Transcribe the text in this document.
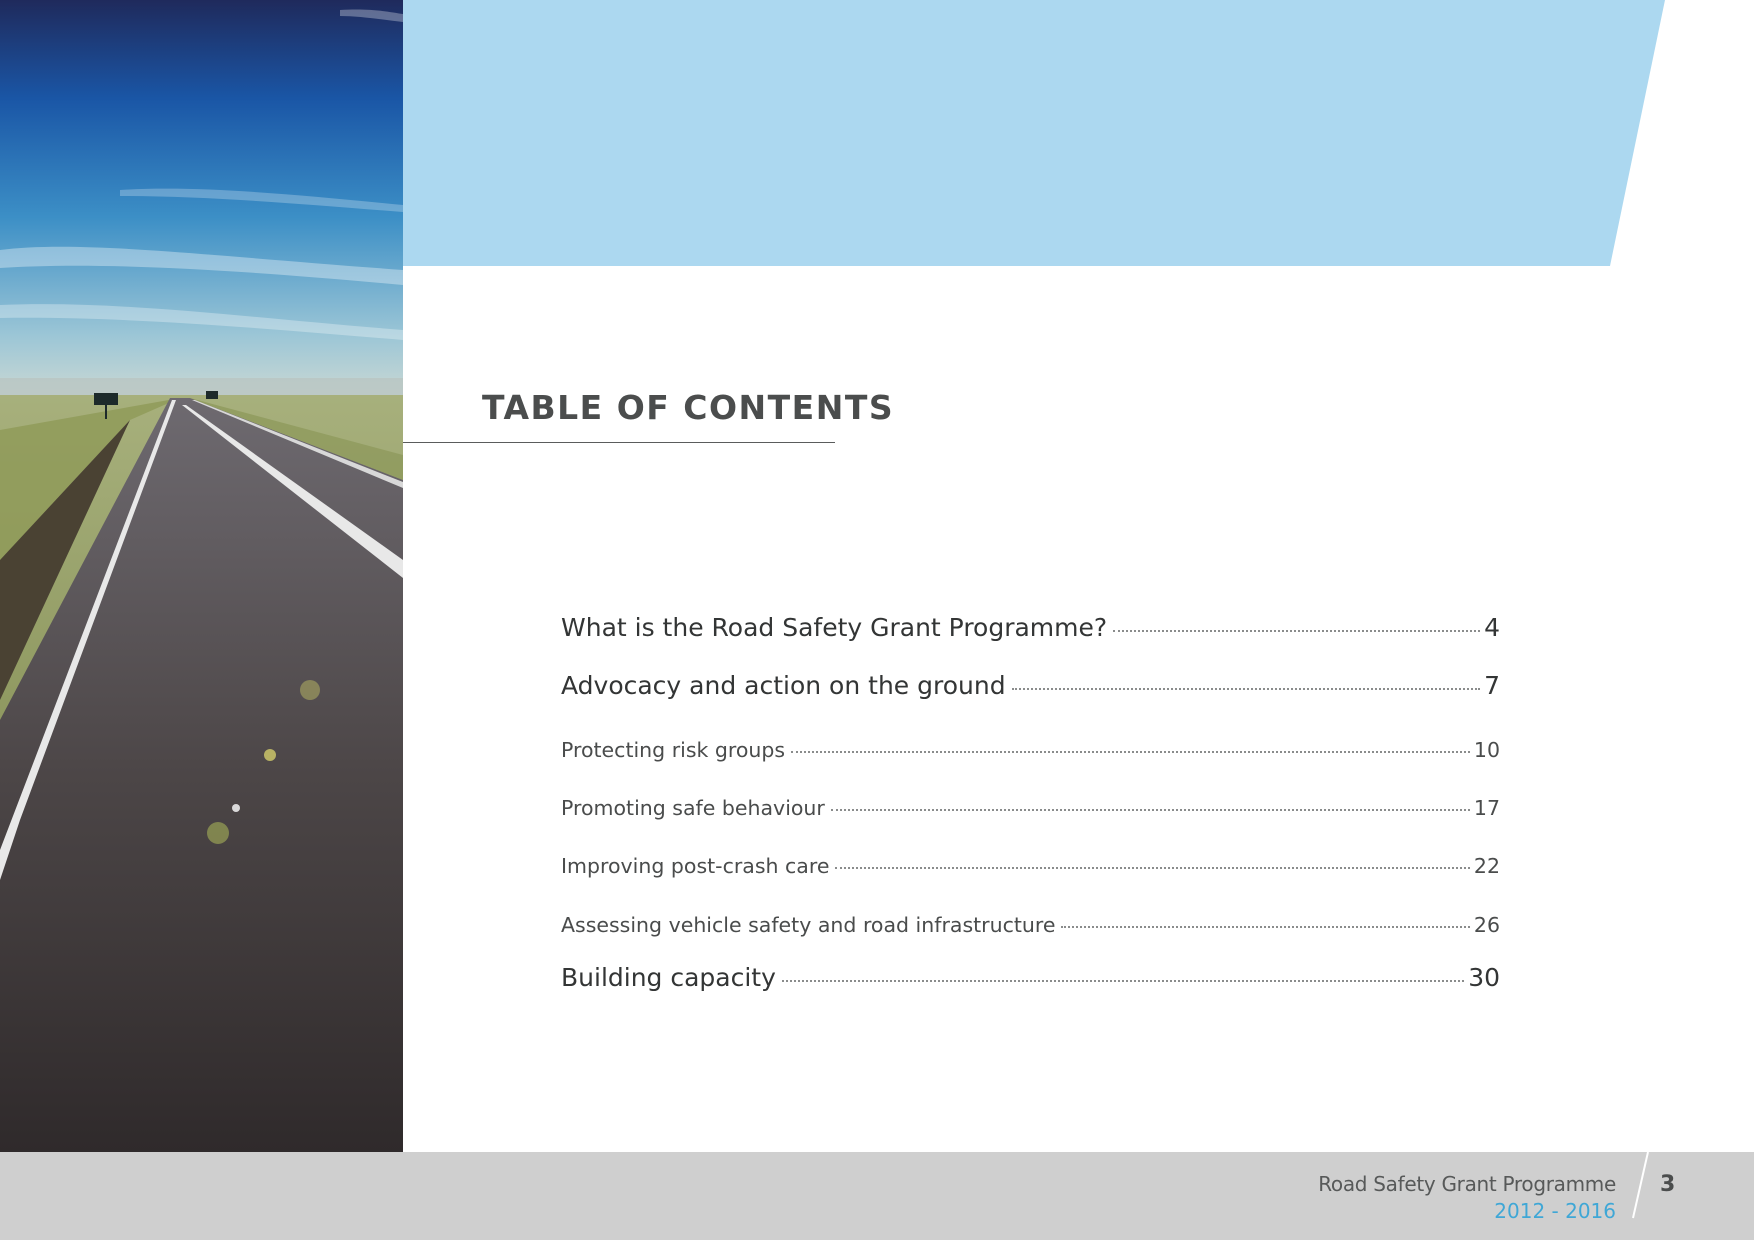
TABLE OF CONTENTS
What is the Road Safety Grant Programme?	4
Advocacy and action on the ground	7
Protecting risk groups	10
Promoting safe behaviour	17
Improving post-crash care	22
Assessing vehicle safety and road infrastructure	26
Building capacity	30
Road Safety Grant Programme
2012 - 2016
3
